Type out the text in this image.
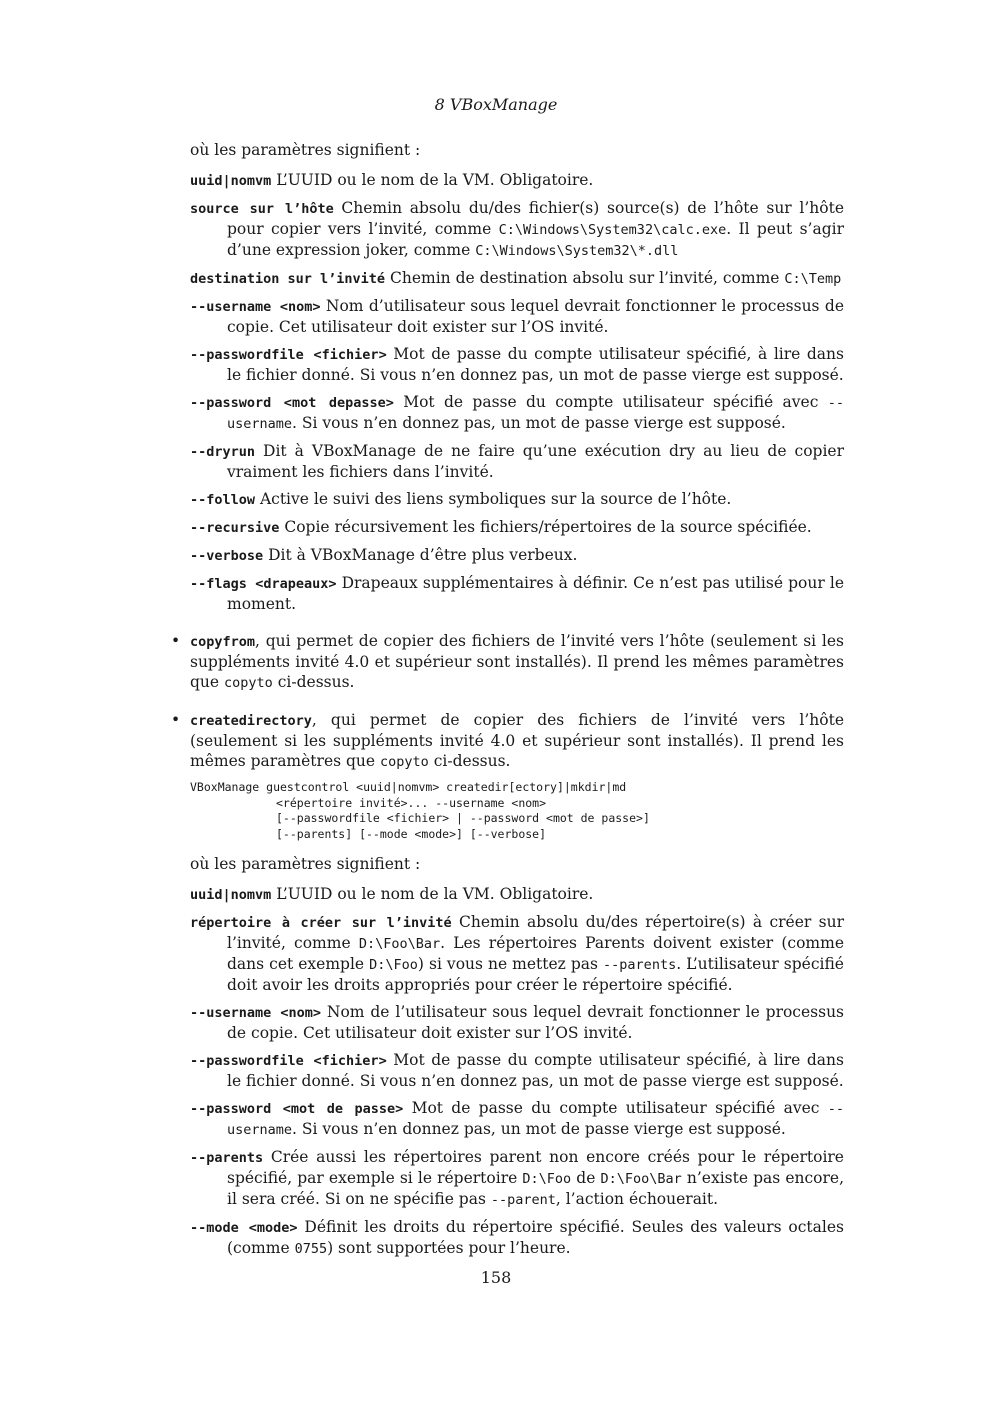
8 VBoxManage

où les paramètres signifient :

uuid|nomvm L’UUID ou le nom de la VM. Obligatoire.
source sur l’hôte Chemin absolu du/des fichier(s) source(s) de l’hôte sur l’hôte pour copier vers l’invité, comme C:\Windows\System32\calc.exe. Il peut s’agir d’une expression joker, comme C:\Windows\System32\*.dll
destination sur l’invité Chemin de destination absolu sur l’invité, comme C:\Temp
--username <nom> Nom d’utilisateur sous lequel devrait fonctionner le processus de copie. Cet utilisateur doit exister sur l’OS invité.
--passwordfile <fichier> Mot de passe du compte utilisateur spécifié, à lire dans le fichier donné. Si vous n’en donnez pas, un mot de passe vierge est supposé.
--password <mot depasse> Mot de passe du compte utilisateur spécifié avec --username. Si vous n’en donnez pas, un mot de passe vierge est supposé.
--dryrun Dit à VBoxManage de ne faire qu’une exécution dry au lieu de copier vraiment les fichiers dans l’invité.
--follow Active le suivi des liens symboliques sur la source de l’hôte.
--recursive Copie récursivement les fichiers/répertoires de la source spécifiée.
--verbose Dit à VBoxManage d’être plus verbeux.
--flags <drapeaux> Drapeaux supplémentaires à définir. Ce n’est pas utilisé pour le moment.
• copyfrom, qui permet de copier des fichiers de l’invité vers l’hôte (seulement si les suppléments invité 4.0 et supérieur sont installés). Il prend les mêmes paramètres que copyto ci-dessus.
• createdirectory, qui permet de copier des fichiers de l’invité vers l’hôte (seulement si les suppléments invité 4.0 et supérieur sont installés). Il prend les mêmes paramètres que copyto ci-dessus.
VBoxManage guestcontrol <uuid|nomvm> createdir[ectory]|mkdir|md
<répertoire invité>... --username <nom>
[--passwordfile <fichier> | --password <mot de passe>]
[--parents] [--mode <mode>] [--verbose]

où les paramètres signifient :

uuid|nomvm L’UUID ou le nom de la VM. Obligatoire.
répertoire à créer sur l’invité Chemin absolu du/des répertoire(s) à créer sur l’invité, comme D:\Foo\Bar. Les répertoires Parents doivent exister (comme dans cet exemple D:\Foo) si vous ne mettez pas --parents. L’utilisateur spécifié doit avoir les droits appropriés pour créer le répertoire spécifié.
--username <nom> Nom de l’utilisateur sous lequel devrait fonctionner le processus de copie. Cet utilisateur doit exister sur l’OS invité.
--passwordfile <fichier> Mot de passe du compte utilisateur spécifié, à lire dans le fichier donné. Si vous n’en donnez pas, un mot de passe vierge est supposé.
--password <mot de passe> Mot de passe du compte utilisateur spécifié avec --username. Si vous n’en donnez pas, un mot de passe vierge est supposé.
--parents Crée aussi les répertoires parent non encore créés pour le répertoire spécifié, par exemple si le répertoire D:\Foo de D:\Foo\Bar n’existe pas encore, il sera créé. Si on ne spécifie pas --parent, l’action échouerait.
--mode <mode> Définit les droits du répertoire spécifié. Seules des valeurs octales (comme 0755) sont supportées pour l’heure.
158
